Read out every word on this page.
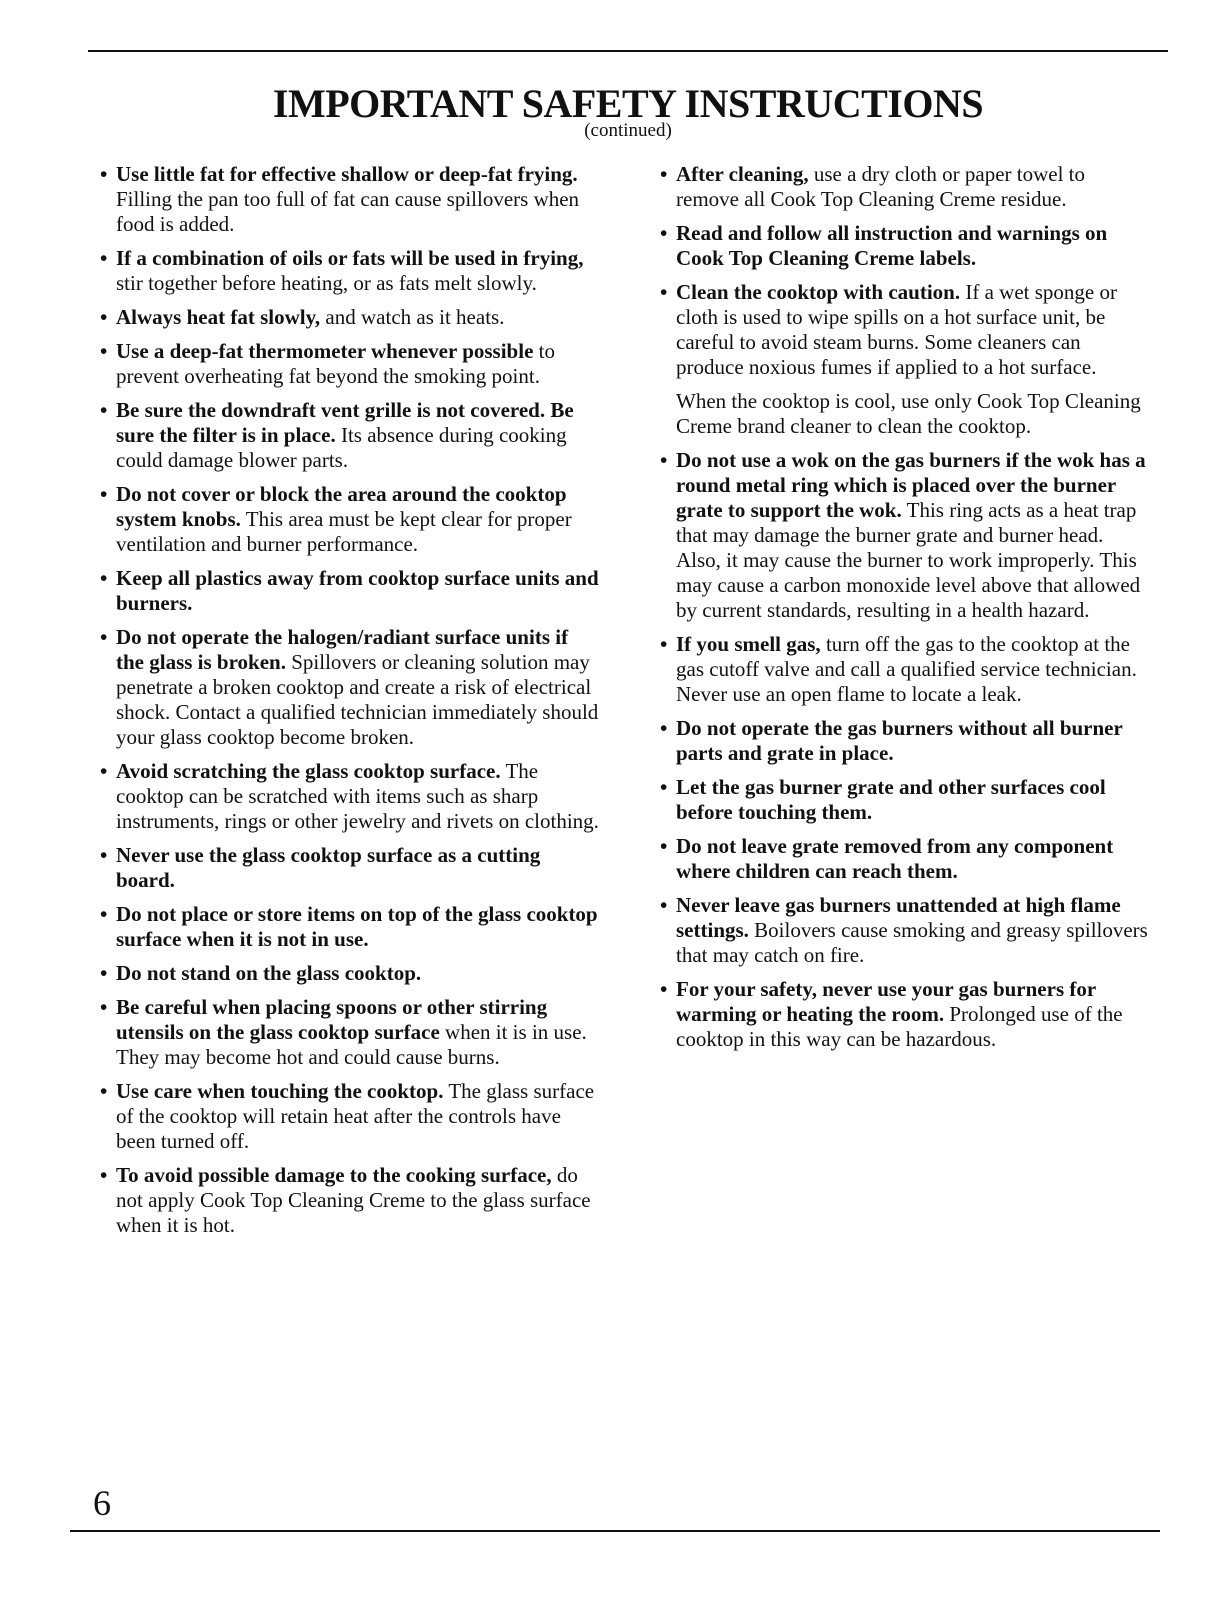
IMPORTANT SAFETY INSTRUCTIONS

(continued)

• Use little fat for effective shallow or deep-fat frying. Filling the pan too full of fat can cause spillovers when food is added.
• If a combination of oils or fats will be used in frying, stir together before heating, or as fats melt slowly.
• Always heat fat slowly, and watch as it heats.
• Use a deep-fat thermometer whenever possible to prevent overheating fat beyond the smoking point.
• Be sure the downdraft vent grille is not covered. Be sure the filter is in place. Its absence during cooking could damage blower parts.
• Do not cover or block the area around the cooktop system knobs. This area must be kept clear for proper ventilation and burner performance.
• Keep all plastics away from cooktop surface units and burners.
• Do not operate the halogen/radiant surface units if the glass is broken. Spillovers or cleaning solution may penetrate a broken cooktop and create a risk of electrical shock. Contact a qualified technician immediately should your glass cooktop become broken.
• Avoid scratching the glass cooktop surface. The cooktop can be scratched with items such as sharp instruments, rings or other jewelry and rivets on clothing.
• Never use the glass cooktop surface as a cutting board.
• Do not place or store items on top of the glass cooktop surface when it is not in use.
• Do not stand on the glass cooktop.
• Be careful when placing spoons or other stirring utensils on the glass cooktop surface when it is in use. They may become hot and could cause burns.
• Use care when touching the cooktop. The glass surface of the cooktop will retain heat after the controls have been turned off.
• To avoid possible damage to the cooking surface, do not apply Cook Top Cleaning Creme to the glass surface when it is hot.
• After cleaning, use a dry cloth or paper towel to remove all Cook Top Cleaning Creme residue.
• Read and follow all instruction and warnings on Cook Top Cleaning Creme labels.
• Clean the cooktop with caution. If a wet sponge or cloth is used to wipe spills on a hot surface unit, be careful to avoid steam burns. Some cleaners can produce noxious fumes if applied to a hot surface.

When the cooktop is cool, use only Cook Top Cleaning Creme brand cleaner to clean the cooktop.

• Do not use a wok on the gas burners if the wok has a round metal ring which is placed over the burner grate to support the wok. This ring acts as a heat trap that may damage the burner grate and burner head. Also, it may cause the burner to work improperly. This may cause a carbon monoxide level above that allowed by current standards, resulting in a health hazard.
• If you smell gas, turn off the gas to the cooktop at the gas cutoff valve and call a qualified service technician. Never use an open flame to locate a leak.
• Do not operate the gas burners without all burner parts and grate in place.
• Let the gas burner grate and other surfaces cool before touching them.
• Do not leave grate removed from any component where children can reach them.
• Never leave gas burners unattended at high flame settings. Boilovers cause smoking and greasy spillovers that may catch on fire.
• For your safety, never use your gas burners for warming or heating the room. Prolonged use of the cooktop in this way can be hazardous.

6
